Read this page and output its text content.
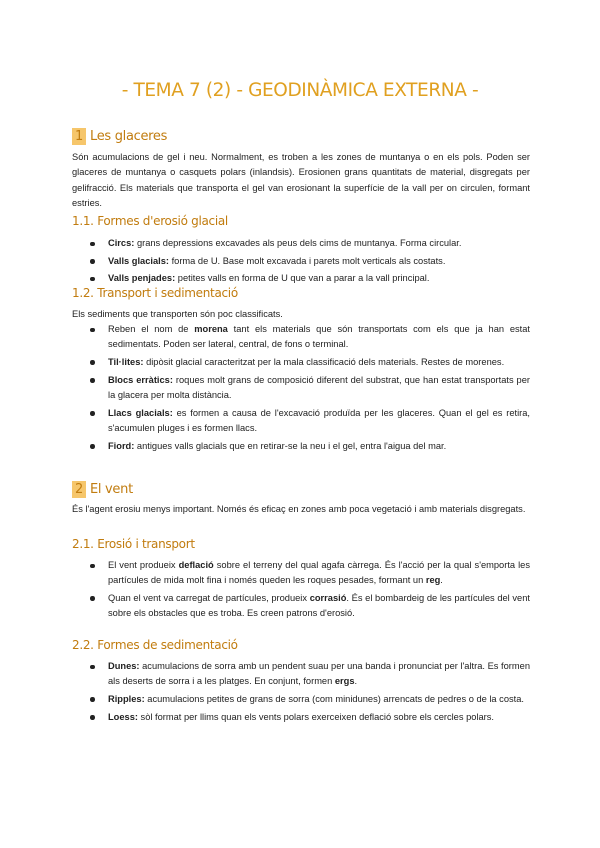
- TEMA 7 (2) - GEODINÀMICA EXTERNA -
1 Les glaceres

Són acumulacions de gel i neu. Normalment, es troben a les zones de muntanya o en els pols. Poden ser glaceres de muntanya o casquets polars (inlandsis). Erosionen grans quantitats de material, disgregats per gelifracció. Els materials que transporta el gel van erosionant la superfície de la vall per on circulen, formant estries.

1.1. Formes d'erosió glacial
Circs: grans depressions excavades als peus dels cims de muntanya. Forma circular.
Valls glacials: forma de U. Base molt excavada i parets molt verticals als costats.
Valls penjades: petites valls en forma de U que van a parar a la vall principal.
1.2. Transport i sedimentació

Els sediments que transporten són poc classificats.

Reben el nom de morena tant els materials que són transportats com els que ja han estat sedimentats. Poden ser lateral, central, de fons o terminal.
Til·lites: dipòsit glacial caracteritzat per la mala classificació dels materials. Restes de morenes.
Blocs erràtics: roques molt grans de composició diferent del substrat, que han estat transportats per la glacera per molta distància.
Llacs glacials: es formen a causa de l'excavació produïda per les glaceres. Quan el gel es retira, s'acumulen pluges i es formen llacs.
Fiord: antigues valls glacials que en retirar-se la neu i el gel, entra l'aigua del mar.
2 El vent

És l'agent erosiu menys important. Només és eficaç en zones amb poca vegetació i amb materials disgregats.

2.1. Erosió i transport
El vent produeix deflació sobre el terreny del qual agafa càrrega. És l'acció per la qual s'emporta les partícules de mida molt fina i només queden les roques pesades, formant un reg.
Quan el vent va carregat de partícules, produeix corrasió. És el bombardeig de les partícules del vent sobre els obstacles que es troba. Es creen patrons d'erosió.
2.2. Formes de sedimentació
Dunes: acumulacions de sorra amb un pendent suau per una banda i pronunciat per l'altra. Es formen als deserts de sorra i a les platges. En conjunt, formen ergs.
Ripples: acumulacions petites de grans de sorra (com minidunes) arrencats de pedres o de la costa.
Loess: sòl format per llims quan els vents polars exerceixen deflació sobre els cercles polars.
